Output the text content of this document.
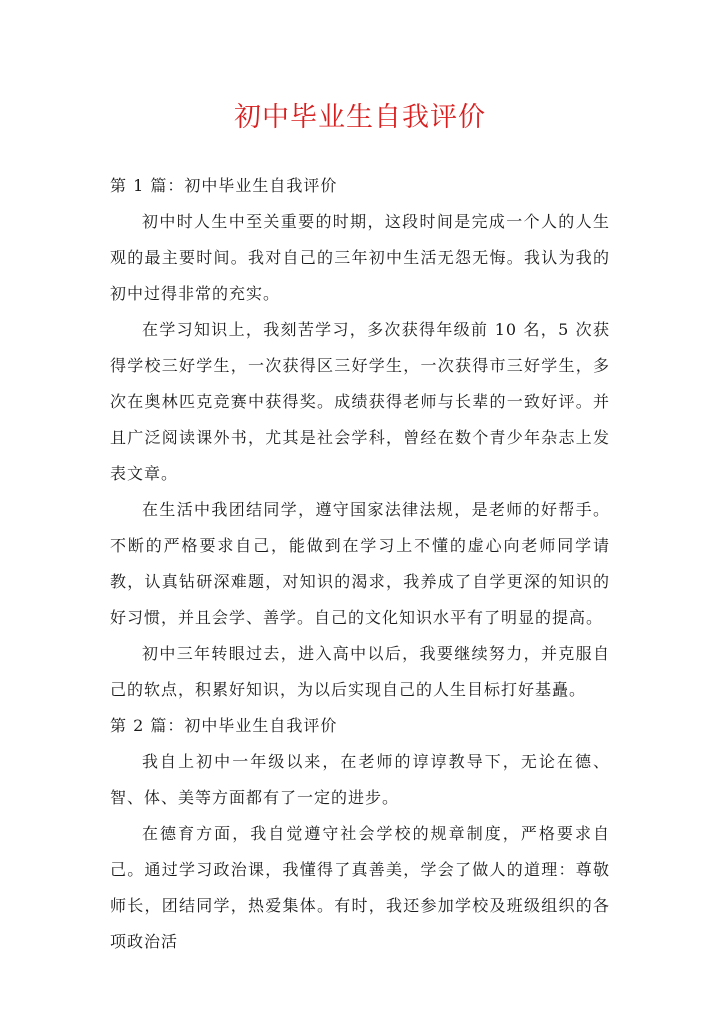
初中毕业生自我评价

第 1 篇：初中毕业生自我评价

初中时人生中至关重要的时期，这段时间是完成一个人的人生观的最主要时间。我对自己的三年初中生活无怨无悔。我认为我的初中过得非常的充实。

在学习知识上，我刻苦学习，多次获得年级前 10 名，5 次获得学校三好学生，一次获得区三好学生，一次获得市三好学生，多次在奥林匹克竞赛中获得奖。成绩获得老师与长辈的一致好评。并且广泛阅读课外书，尤其是社会学科，曾经在数个青少年杂志上发表文章。

在生活中我团结同学，遵守国家法律法规，是老师的好帮手。不断的严格要求自己，能做到在学习上不懂的虚心向老师同学请教，认真钻研深难题，对知识的渴求，我养成了自学更深的知识的好习惯，并且会学、善学。自己的文化知识水平有了明显的提高。

初中三年转眼过去，进入高中以后，我要继续努力，并克服自己的软点，积累好知识，为以后实现自己的人生目标打好基矗。

第 2 篇：初中毕业生自我评价

我自上初中一年级以来，在老师的谆谆教导下，无论在德、智、体、美等方面都有了一定的进步。

在德育方面，我自觉遵守社会学校的规章制度，严格要求自己。通过学习政治课，我懂得了真善美，学会了做人的道理：尊敬师长，团结同学，热爱集体。有时，我还参加学校及班级组织的各项政治活
